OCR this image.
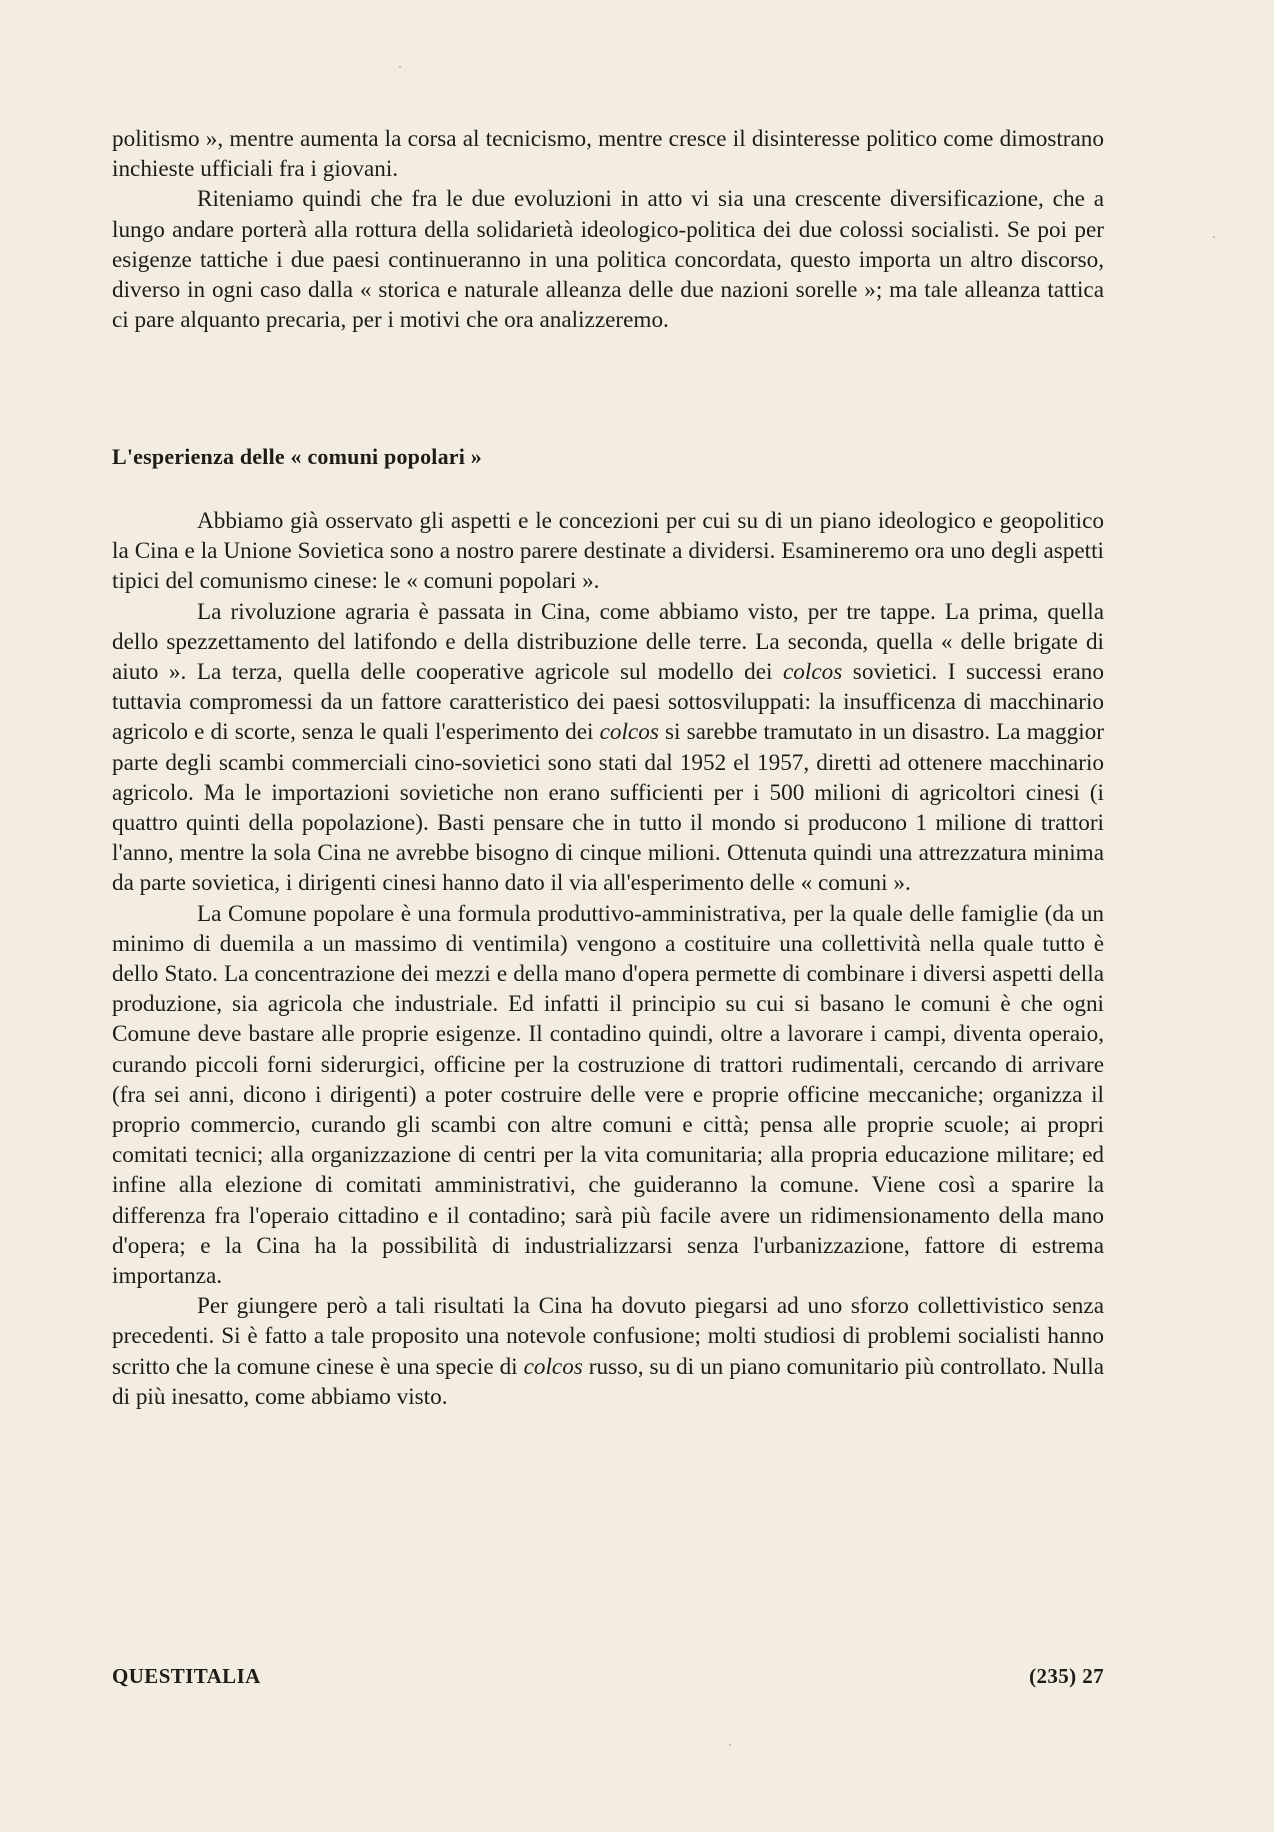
politismo », mentre aumenta la corsa al tecnicismo, mentre cresce il disinteresse politico come dimostrano inchieste ufficiali fra i giovani.

Riteniamo quindi che fra le due evoluzioni in atto vi sia una crescente diversificazione, che a lungo andare porterà alla rottura della solidarietà ideologico-politica dei due colossi socialisti. Se poi per esigenze tattiche i due paesi continueranno in una politica concordata, questo importa un altro discorso, diverso in ogni caso dalla « storica e naturale alleanza delle due nazioni sorelle »; ma tale alleanza tattica ci pare alquanto precaria, per i motivi che ora analizzeremo.

L'esperienza delle « comuni popolari »

Abbiamo già osservato gli aspetti e le concezioni per cui su di un piano ideologico e geopolitico la Cina e la Unione Sovietica sono a nostro parere destinate a dividersi. Esamineremo ora uno degli aspetti tipici del comunismo cinese: le « comuni popolari ».

La rivoluzione agraria è passata in Cina, come abbiamo visto, per tre tappe. La prima, quella dello spezzettamento del latifondo e della distribuzione delle terre. La seconda, quella « delle brigate di aiuto ». La terza, quella delle cooperative agricole sul modello dei colcos sovietici. I successi erano tuttavia compromessi da un fattore caratteristico dei paesi sottosviluppati: la insufficenza di macchinario agricolo e di scorte, senza le quali l'esperimento dei colcos si sarebbe tramutato in un disastro. La maggior parte degli scambi commerciali cino-sovietici sono stati dal 1952 el 1957, diretti ad ottenere macchinario agricolo. Ma le importazioni sovietiche non erano sufficienti per i 500 milioni di agricoltori cinesi (i quattro quinti della popolazione). Basti pensare che in tutto il mondo si producono 1 milione di trattori l'anno, mentre la sola Cina ne avrebbe bisogno di cinque milioni. Ottenuta quindi una attrezzatura minima da parte sovietica, i dirigenti cinesi hanno dato il via all'esperimento delle « comuni ».

La Comune popolare è una formula produttivo-amministrativa, per la quale delle famiglie (da un minimo di duemila a un massimo di ventimila) vengono a costituire una collettività nella quale tutto è dello Stato. La concentrazione dei mezzi e della mano d'opera permette di combinare i diversi aspetti della produzione, sia agricola che industriale. Ed infatti il principio su cui si basano le comuni è che ogni Comune deve bastare alle proprie esigenze. Il contadino quindi, oltre a lavorare i campi, diventa operaio, curando piccoli forni siderurgici, officine per la costruzione di trattori rudimentali, cercando di arrivare (fra sei anni, dicono i dirigenti) a poter costruire delle vere e proprie officine meccaniche; organizza il proprio commercio, curando gli scambi con altre comuni e città; pensa alle proprie scuole; ai propri comitati tecnici; alla organizzazione di centri per la vita comunitaria; alla propria educazione militare; ed infine alla elezione di comitati amministrativi, che guideranno la comune. Viene così a sparire la differenza fra l'operaio cittadino e il contadino; sarà più facile avere un ridimensionamento della mano d'opera; e la Cina ha la possibilità di industrializzarsi senza l'urbanizzazione, fattore di estrema importanza.

Per giungere però a tali risultati la Cina ha dovuto piegarsi ad uno sforzo collettivistico senza precedenti. Si è fatto a tale proposito una notevole confusione; molti studiosi di problemi socialisti hanno scritto che la comune cinese è una specie di colcos russo, su di un piano comunitario più controllato. Nulla di più inesatto, come abbiamo visto.

QUESTITALIA	(235) 27
